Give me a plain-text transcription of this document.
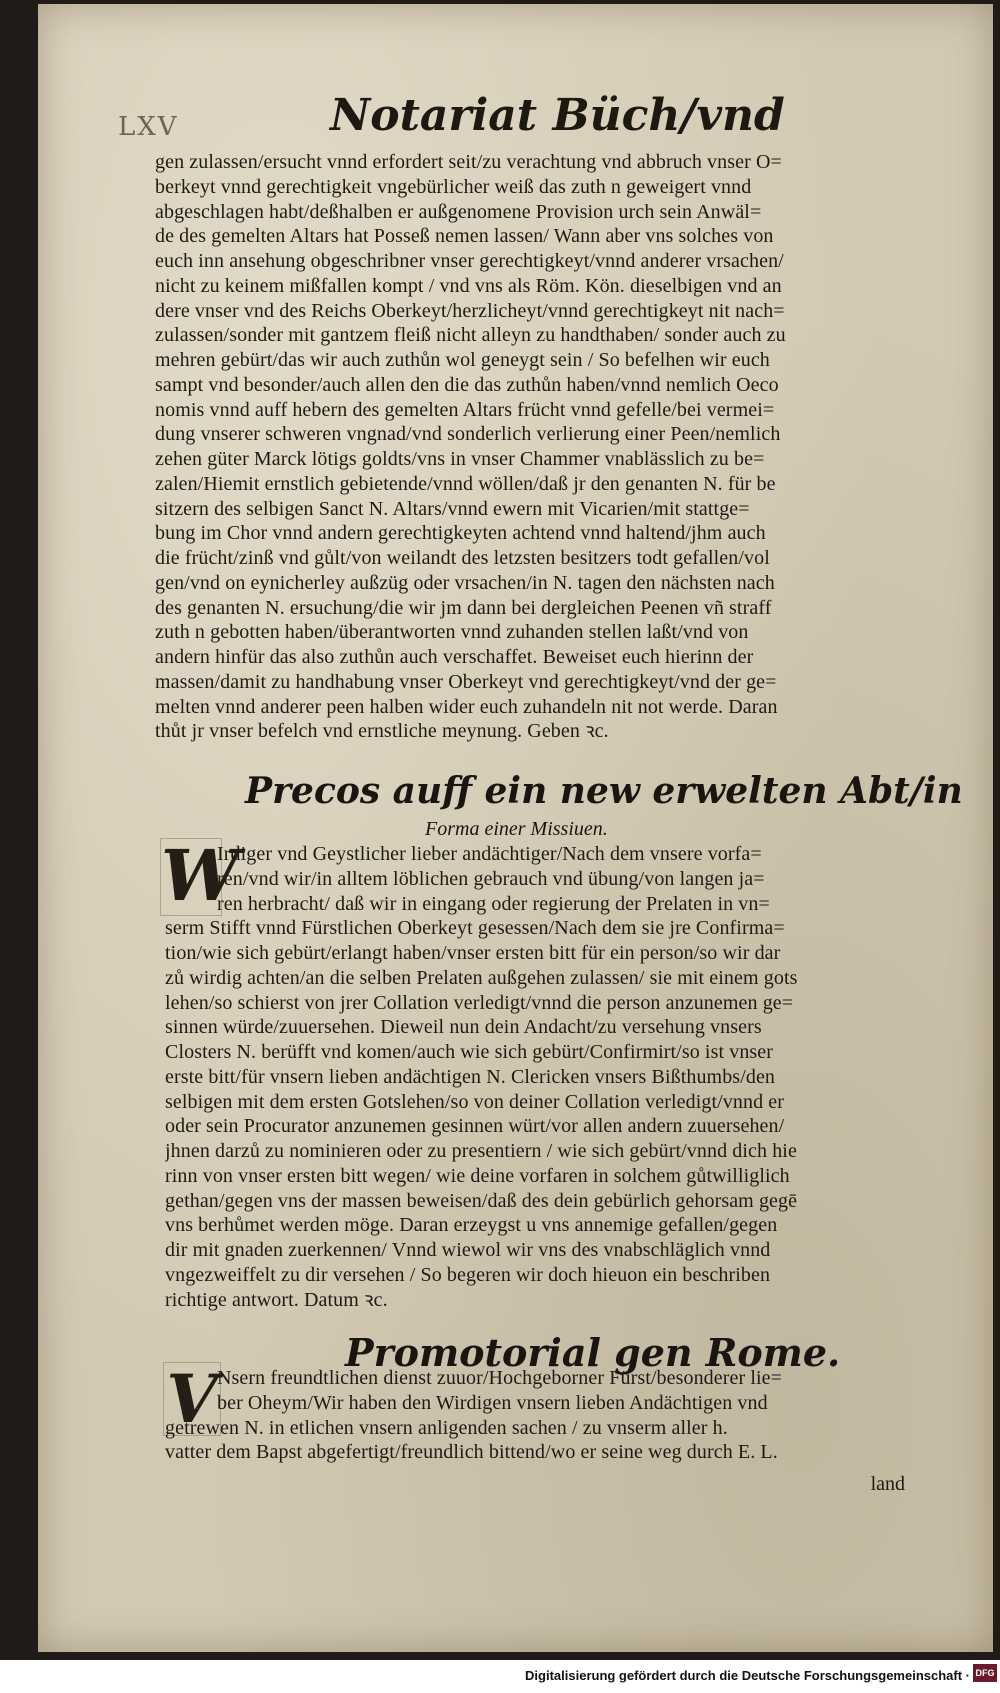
LXV	Notariat Büch/vnd
gen zulassen/ersucht vnnd erfordert seit/zu verachtung vnd abbruch vnser O=
berkeyt vnnd gerechtigkeit vngebürlicher weiß das zuth n geweigert vnnd
abgeschlagen habt/deßhalben er außgenomene Provision urch sein Anwäl=
de des gemelten Altars hat Posseß nemen lassen/ Wann aber vns solches von
euch inn ansehung obgeschribner vnser gerechtigkeyt/vnnd anderer vrsachen/
nicht zu keinem mißfallen kompt / vnd vns als Röm. Kön. dieselbigen vnd an
dere vnser vnd des Reichs Oberkeyt/herzlicheyt/vnnd gerechtigkeyt nit nach=
zulassen/sonder mit gantzem fleiß nicht alleyn zu handthaben/ sonder auch zu
mehren gebürt/das wir auch zuthůn wol geneygt sein / So befelhen wir euch
sampt vnd besonder/auch allen den die das zuthůn haben/vnnd nemlich Oeco
nomis vnnd auff hebern des gemelten Altars frücht vnnd gefelle/bei vermei=
dung vnserer schweren vngnad/vnd sonderlich verlierung einer Peen/nemlich
zehen güter Marck lötigs goldts/vns in vnser Chammer vnablässlich zu be=
zalen/Hiemit ernstlich gebietende/vnnd wöllen/daß jr den genanten N. für be
sitzern des selbigen Sanct N. Altars/vnnd ewern mit Vicarien/mit stattge=
bung im Chor vnnd andern gerechtigkeyten achtend vnnd haltend/jhm auch
die frücht/zinß vnd gůlt/von weilandt des letzsten besitzers todt gefallen/vol
gen/vnd on eynicherley außzüg oder vrsachen/in N. tagen den nächsten nach
des genanten N. ersuchung/die wir jm dann bei dergleichen Peenen vñ straff
zuth n gebotten haben/überantworten vnnd zuhanden stellen laßt/vnd von
andern hinfür das also zuthůn auch verschaffet. Beweiset euch hierinn der
massen/damit zu handhabung vnser Oberkeyt vnd gerechtigkeyt/vnd der ge=
melten vnnd anderer peen halben wider euch zuhandeln nit not werde. Daran
thůt jr vnser befelch vnd ernstliche meynung. Geben ꝛc.
Precos auff ein new erwelten Abt/in
Forma einer Missiuen.
W
Irdiger vnd Geystlicher lieber andächtiger/Nach dem vnsere vorfa=
ren/vnd wir/in alltem löblichen gebrauch vnd übung/von langen ja=
ren herbracht/ daß wir in eingang oder regierung der Prelaten in vn=
serm Stifft vnnd Fürstlichen Oberkeyt gesessen/Nach dem sie jre Confirma=
tion/wie sich gebürt/erlangt haben/vnser ersten bitt für ein person/so wir dar
zů wirdig achten/an die selben Prelaten außgehen zulassen/ sie mit einem gots
lehen/so schierst von jrer Collation verledigt/vnnd die person anzunemen ge=
sinnen würde/zuuersehen. Dieweil nun dein Andacht/zu versehung vnsers
Closters N. berüfft vnd komen/auch wie sich gebürt/Confirmirt/so ist vnser
erste bitt/für vnsern lieben andächtigen N. Clericken vnsers Bißthumbs/den
selbigen mit dem ersten Gotslehen/so von deiner Collation verledigt/vnnd er
oder sein Procurator anzunemen gesinnen würt/vor allen andern zuuersehen/
jhnen darzů zu nominieren oder zu presentiern / wie sich gebürt/vnnd dich hie
rinn von vnser ersten bitt wegen/ wie deine vorfaren in solchem gůtwilliglich
gethan/gegen vns der massen beweisen/daß des dein gebürlich gehorsam gegē
vns berhůmet werden möge. Daran erzeygst u vns annemige gefallen/gegen
dir mit gnaden zuerkennen/ Vnnd wiewol wir vns des vnabschläglich vnnd
vngezweiffelt zu dir versehen / So begeren wir doch hieuon ein beschriben
richtige antwort. Datum ꝛc.
Promotorial gen Rome.
V Nsern freundtlichen dienst zuuor/Hochgeborner Fürst/besonderer lie=
ber Oheym/Wir haben den Wirdigen vnsern lieben Andächtigen vnd
getrewen N. in etlichen vnsern anligenden sachen / zu vnserm aller h.
vatter dem Bapst abgefertigt/freundlich bittend/wo er seine weg durch E. L.
land
Digitalisierung gefördert durch die Deutsche Forschungsgemeinschaft · DFG
